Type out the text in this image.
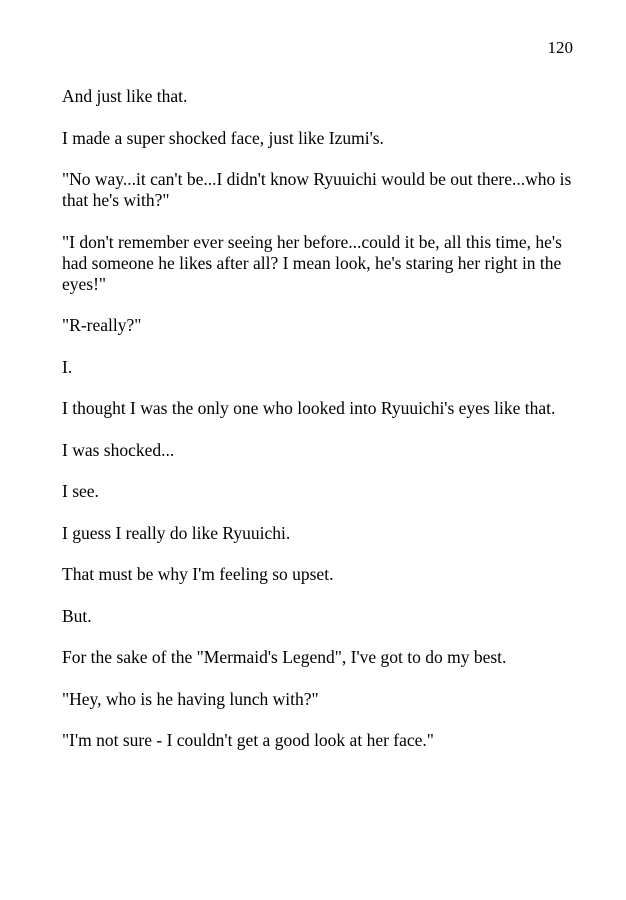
120

And just like that.

I made a super shocked face, just like Izumi's.

"No way...it can't be...I didn't know Ryuuichi would be out there...who is that he's with?"

"I don't remember ever seeing her before...could it be, all this time, he's had someone he likes after all? I mean look, he's staring her right in the eyes!"

"R-really?"

I.

I thought I was the only one who looked into Ryuuichi's eyes like that.

I was shocked...

I see.

I guess I really do like Ryuuichi.

That must be why I'm feeling so upset.

But.

For the sake of the "Mermaid's Legend", I've got to do my best.

"Hey, who is he having lunch with?"

"I'm not sure - I couldn't get a good look at her face."
